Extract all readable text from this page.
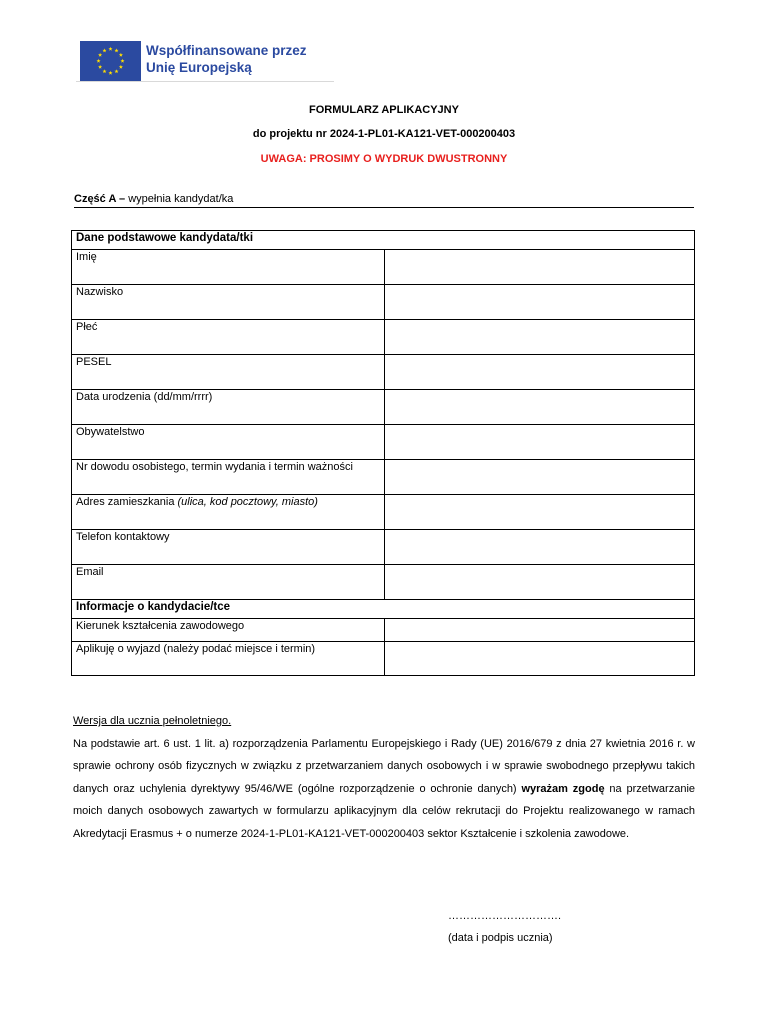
Współfinansowane przez
Unię Europejską
FORMULARZ APLIKACYJNY
do projektu nr 2024-1-PL01-KA121-VET-000200403
UWAGA: PROSIMY O WYDRUK DWUSTRONNY
Część A – wypełnia kandydat/ka
Dane podstawowe kandydata/tki	
Imię	
Nazwisko	
Płeć	
PESEL	
Data urodzenia (dd/mm/rrrr)	
Obywatelstwo	
Nr dowodu osobistego, termin wydania i termin ważności	
Adres zamieszkania (ulica, kod pocztowy, miasto)	
Telefon kontaktowy	
Email	
Informacje o kandydacie/tce	
Kierunek kształcenia zawodowego	
Aplikuję o wyjazd (należy podać miejsce i termin)	
Wersja dla ucznia pełnoletniego.

Na podstawie art. 6 ust. 1 lit. a) rozporządzenia Parlamentu Europejskiego i Rady (UE) 2016/679 z dnia 27 kwietnia 2016 r. w sprawie ochrony osób fizycznych w związku z przetwarzaniem danych osobowych i w sprawie swobodnego przepływu takich danych oraz uchylenia dyrektywy 95/46/WE (ogólne rozporządzenie o ochronie danych) wyrażam zgodę na przetwarzanie moich danych osobowych zawartych w formularzu aplikacyjnym dla celów rekrutacji do Projektu realizowanego w ramach Akredytacji Erasmus + o numerze 2024-1-PL01-KA121-VET-000200403 sektor Kształcenie i szkolenia zawodowe.

………………………….
(data i podpis ucznia)
